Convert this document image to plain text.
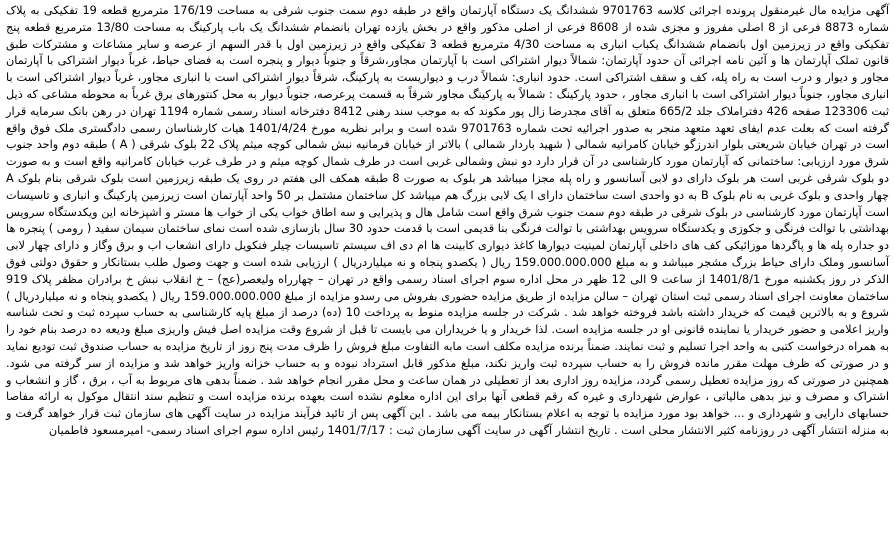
آگهی مزایده مال غیرمنقول پرونده اجرائی کلاسه 9701763 ششدانگ یک دستگاه آپارتمان واقع در طبقه دوم سمت جنوب شرقی به مساحت 176/19 مترمربع قطعه 19 تفکیکی به پلاک شماره 8873 فرعی از 8 اصلی مفروز و مجزی شده از 8608 فرعی از اصلی مذکور واقع در بخش یازده تهران بانضمام ششدانگ یک باب پارکینگ به مساحت 13/80 مترمربع قطعه پنج تفکیکی واقع در زیرزمین اول بانضمام ششدانگ یکباب انباری به مساحت 4/30 مترمربع قطعه 3 تفکیکی واقع در زیرزمین اول با قدر السهم از عرصه و سایر مشاعات و مشترکات طبق قانون تملک آپارتمان ها و آئین نامه اجرائی آن حدود آپارتمان: شمالاً دیوار اشتراکی است با آپارتمان مجاور،شرقاً و جنوباً دیوار و پنجره است به فضای حیاط، غرباً دیوار اشتراکی با آپارتمان مجاور و دیوار و درب است به راه پله، کف و سقف اشتراکی است. حدود انباری: شمالاً درب و دیواریست به پارکینگ، شرقاً دیوار اشتراکی است با انباری مجاور، غرباً دیوار اشتراکی است با انباری مجاور، جنوباً دیوار اشتراکی است با انباری مجاور ، حدود پارکینگ : شمالاً به پارکینگ مجاور شرقاً به قسمت پرعرصه، جنوباً دیوار به محل کنتورهای برق غرباً به محوطه مشاعی که ذیل ثبت 123306 صفحه 426 دفتراملاک جلد 665/2 متعلق به آقای مجدرضا زال پور مکوند که به موجب سند رهنی 8412 دفترخانه اسناد رسمی شماره 1194 تهران در رهن بانک سرمایه قرار گرفته است که بعلت عدم ایفای تعهد متعهد منجر به صدور اجرائیه تحت شماره 9701763 شده است و برابر نظریه مورخ 1401/4/24 هیات کارشناسان رسمی دادگستری ملک فوق واقع است در تهران خیابان شریعتی بلوار اندرزگو خیابان کامرانیه شمالی ( شهید باردار شمالی ) بالاتر از خیابان فرمانیه نبش شمالی کوچه میثم پلاک 22 بلوک شرقی ( A ) طبقه دوم واحد جنوب شرق مورد ارزیابی: ساختمانی که آپارتمان مورد کارشناسی در آن قرار دارد دو نبش وشمالی غربی است در طرف شمال کوچه میثم و در طرف غرب خیابان کامرانیه واقع است و به صورت دو بلوک شرقی غربی است هر بلوک دارای دو لابی آسانسور و راه پله مجزا میباشد هر بلوک به صورت 8 طبقه همکف الی هفتم در روی یک طبقه زیرزمین است بلوک شرقی بنام بلوک A چهار واحدی و بلوک غربی به نام بلوک B به دو واحدی است ساختمان دارای ا یک لابی بزرگ هم میباشد کل ساختمان مشتمل بر 50 واحد آپارتمان است زیرزمین پارکینگ و انباری و تاسیسات است آپارتمان مورد کارشناسی در بلوک شرقی در طبقه دوم سمت جنوب شرق واقع است شامل هال و پذیرایی و سه اطاق خواب یکی از خواب ها مستر و اشپزخانه این ویکدستگاه سرویس بهداشتی با توالت فرنگی و جکوزی و یکدستگاه سرویس بهداشتی با توالت فرنگی بنا قدیمی است با قدمت حدود 30 سال بازسازی شده است نمای ساختمان سیمان سفید ( رومی ) پنجره ها دو جداره پله ها و پاگردها موزائیکی کف های داخلی آپارتمان لمینیت دیوارها کاغذ دیواری کابینت ها ام دی اف سیستم تاسیسات چیلر فنکویل دارای انشعاب اب و برق وگاز و دارای چهار لابی آسانسور وملک دارای حیاط بزرگ مشجر میباشد و به مبلغ 159.000.000.000 ریال ( یکصدو پنجاه و نه میلیاردریال ) ارزیابی شده است و جهت وصول طلب بستانکار و حقوق دولتی فوق الذکر در روز یکشنبه مورخ 1401/8/1 از ساعت 9 الی 12 ظهر در محل اداره سوم اجرای اسناد رسمی واقع در تهران – چهارراه ولیعصر(عج) – خ انقلاب نبش خ برادران مظفر پلاک 919 ساختمان معاونت اجرای اسناد رسمی ثبت استان تهران – سالن مزایده از طریق مزایده حضوری بفروش می رسدو مزایده از مبلغ 159.000.000.000 ریال ( یکصدو پنجاه و نه میلیاردریال ) شروع و به بالاترین قیمت که خریدار داشته باشد فروخته خواهد شد . شرکت در جلسه مزایده منوط به پرداخت 10 (ده) درصد از مبلغ پایه کارشناسی به حساب سپرده ثبت و تحت شناسه واریز اعلامی و حضور خریدار یا نماینده قانونی او در جلسه مزایده است. لذا خریدار و یا خریداران می بایست تا قبل از شروع وقت مزایده اصل فیش واریزی مبلغ ودیعه ده درصد بنام خود را به همراه درخواست کتبی به واحد اجرا تسلیم و ثبت نمایند. ضمناً برنده مزایده مکلف است مابه التفاوت مبلغ فروش را ظرف مدت پنج روز از تاریخ مزایده به حساب صندوق ثبت تودیع نماید و در صورتی که ظرف مهلت مقرر مانده فروش را به حساب سپرده ثبت واریز نکند، مبلغ مذکور قابل استرداد نبوده و به حساب خزانه واریز خواهد شد و مزایده از سر گرفته می شود. همچنین در صورتی که روز مزایده تعطیل رسمی گردد، مزایده روز اداری بعد از تعطیلی در همان ساعت و محل مقرر انجام خواهد شد . ضمناً بدهی های مربوط به آب ، برق ، گاز و انشعاب و اشتراک و مصرف و نیز بدهی مالیاتی ، عوارض شهرداری و غیره که رقم قطعی آنها برای این اداره معلوم نشده است بعهده برنده مزایده است و تنظیم سند انتقال موکول به ارائه مفاصا حسابهای دارایی و شهرداری و ... خواهد بود مورد مزایده با توجه به اعلام بستانکار بیمه می باشد . این آگهی پس از تائید فرآیند مزایده در سایت آگهی های سازمان ثبت قرار خواهد گرفت و به منزله انتشار آگهی در روزنامه کثیر الانتشار محلی است . تاریخ انتشار آگهی در سایت آگهی سازمان ثبت : 1401/7/17 رئیس اداره سوم اجرای اسناد رسمی- امیرمسعود فاطمیان
